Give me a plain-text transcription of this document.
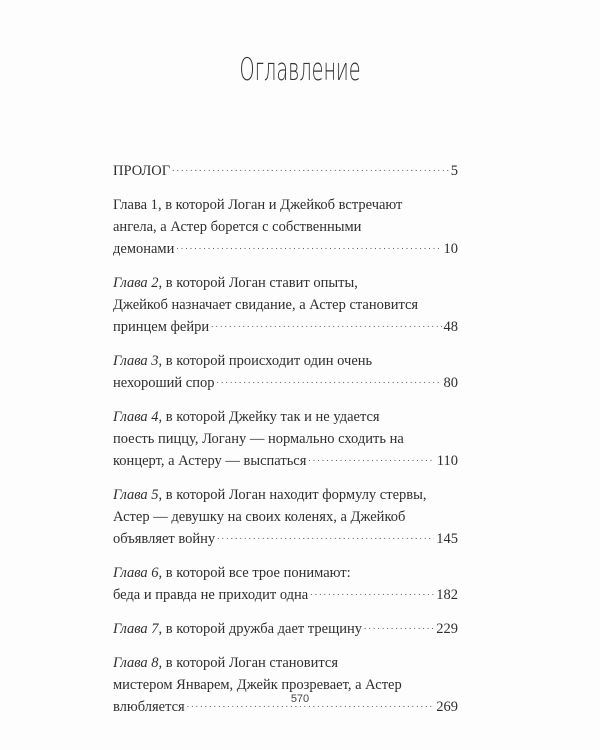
Оглавление
ПРОЛОГ . . .	5
Глава 1, в которой Логан и Джейкоб встречают
ангела, а Астер борется с собственными
демонами . . .	10
Глава 2, в которой Логан ставит опыты,
Джейкоб назначает свидание, а Астер становится
принцем фейри . . .	48
Глава 3, в которой происходит один очень
нехороший спор . . .	80
Глава 4, в которой Джейку так и не удается
поесть пиццу, Логану — нормально сходить на
концерт, а Астеру — выспаться . . .	110
Глава 5, в которой Логан находит формулу стервы,
Астер — девушку на своих коленях, а Джейкоб
объявляет войну . . .	145
Глава 6, в которой все трое понимают:
беда и правда не приходит одна . . .	182
Глава 7, в которой дружба дает трещину . . .	229
Глава 8, в которой Логан становится
мистером Январем, Джейк прозревает, а Астер
влюбляется . . .	269
570
